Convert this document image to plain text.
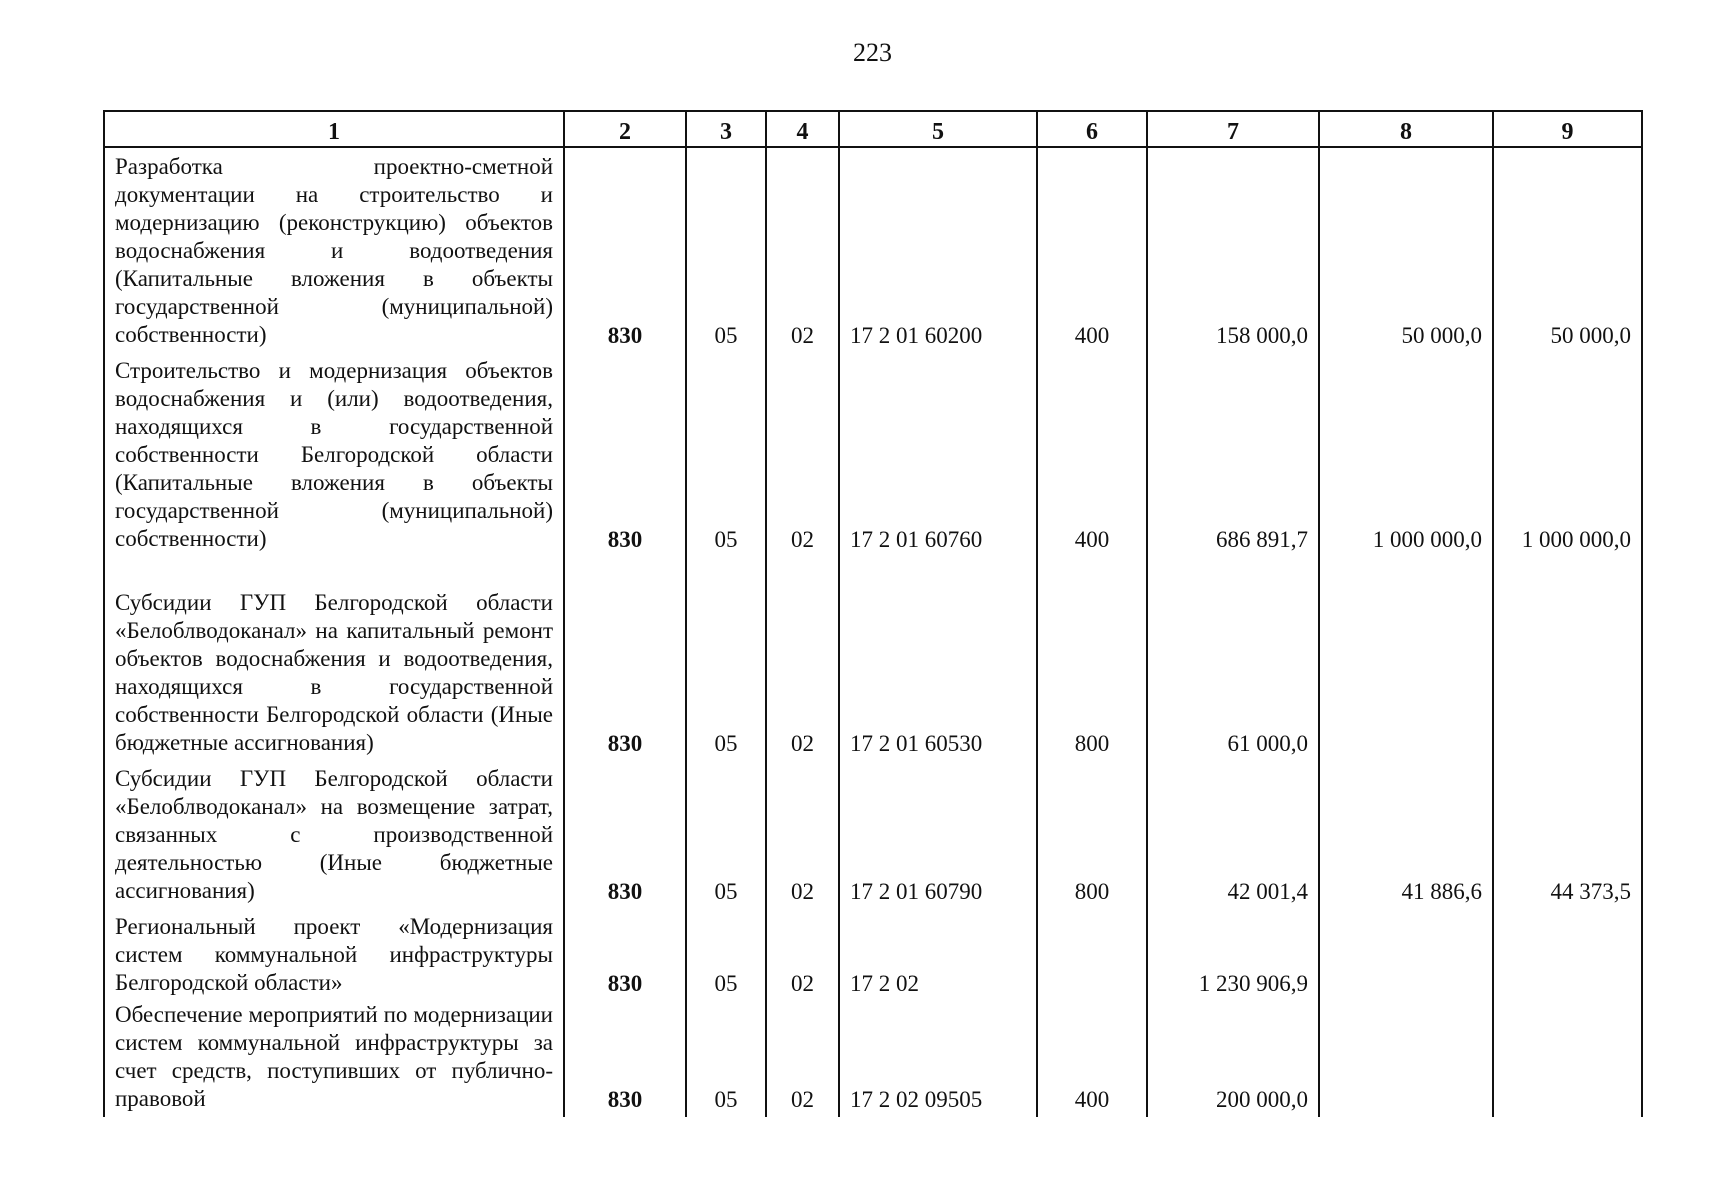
223
1	2	3	4	5	6	7	8	9
Разработка проектно-сметной документации на строительство и модернизацию (реконструкцию) объектов водоснабжения и водоотведения (Капитальные вложения в объекты государственной (муниципальной) собственности)	830	05	02	17 2 01 60200	400	158 000,0	50 000,0	50 000,0
Строительство и модернизация объектов водоснабжения и (или) водоотведения, находящихся в государственной собственности Белгородской области (Капитальные вложения в объекты государственной (муниципальной) собственности)	830	05	02	17 2 01 60760	400	686 891,7	1 000 000,0	1 000 000,0
Субсидии ГУП Белгородской области «Белоблводоканал» на капитальный ремонт объектов водоснабжения и водоотведения, находящихся в государственной собственности Белгородской области (Иные бюджетные ассигнования)	830	05	02	17 2 01 60530	800	61 000,0		
Субсидии ГУП Белгородской области «Белоблводоканал» на возмещение затрат, связанных с производственной деятельностью (Иные бюджетные ассигнования)	830	05	02	17 2 01 60790	800	42 001,4	41 886,6	44 373,5
Региональный проект «Модернизация систем коммунальной инфраструктуры Белгородской области»	830	05	02	17 2 02		1 230 906,9		
Обеспечение мероприятий по модернизации систем коммунальной инфраструктуры за счет средств, поступивших от публично-правовой	830	05	02	17 2 02 09505	400	200 000,0		
